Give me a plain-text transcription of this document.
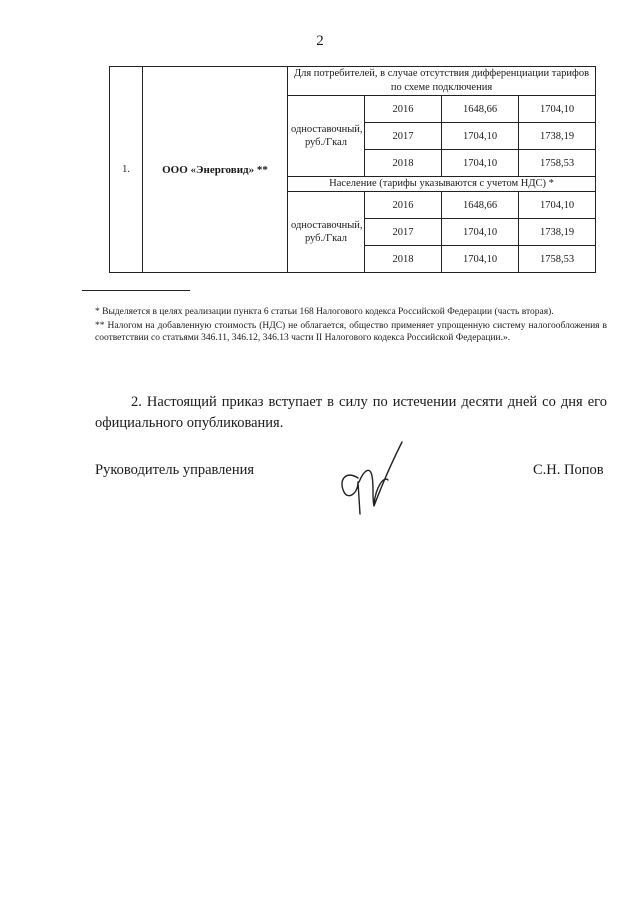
2
1.	ООО «Энерговид» **	Для потребителей, в случае отсутствия дифференциации тарифов по схеме подключения			
		одноставочный, руб./Гкал	2016	1648,66	1704,10
			2017	1704,10	1738,19
			2018	1704,10	1758,53
		Население (тарифы указываются с учетом НДС) *			
		одноставочный, руб./Гкал	2016	1648,66	1704,10
			2017	1704,10	1738,19
			2018	1704,10	1758,53

* Выделяется в целях реализации пункта 6 статьи 168 Налогового кодекса Российской Федерации (часть вторая).

** Налогом на добавленную стоимость (НДС) не облагается, общество применяет упрощенную систему налогообложения в соответствии со статьями 346.11, 346.12, 346.13 части II Налогового кодекса Российской Федерации.».

2. Настоящий приказ вступает в силу по истечении десяти дней со дня его официального опубликования.
Руководитель управления	С.Н. Попов
